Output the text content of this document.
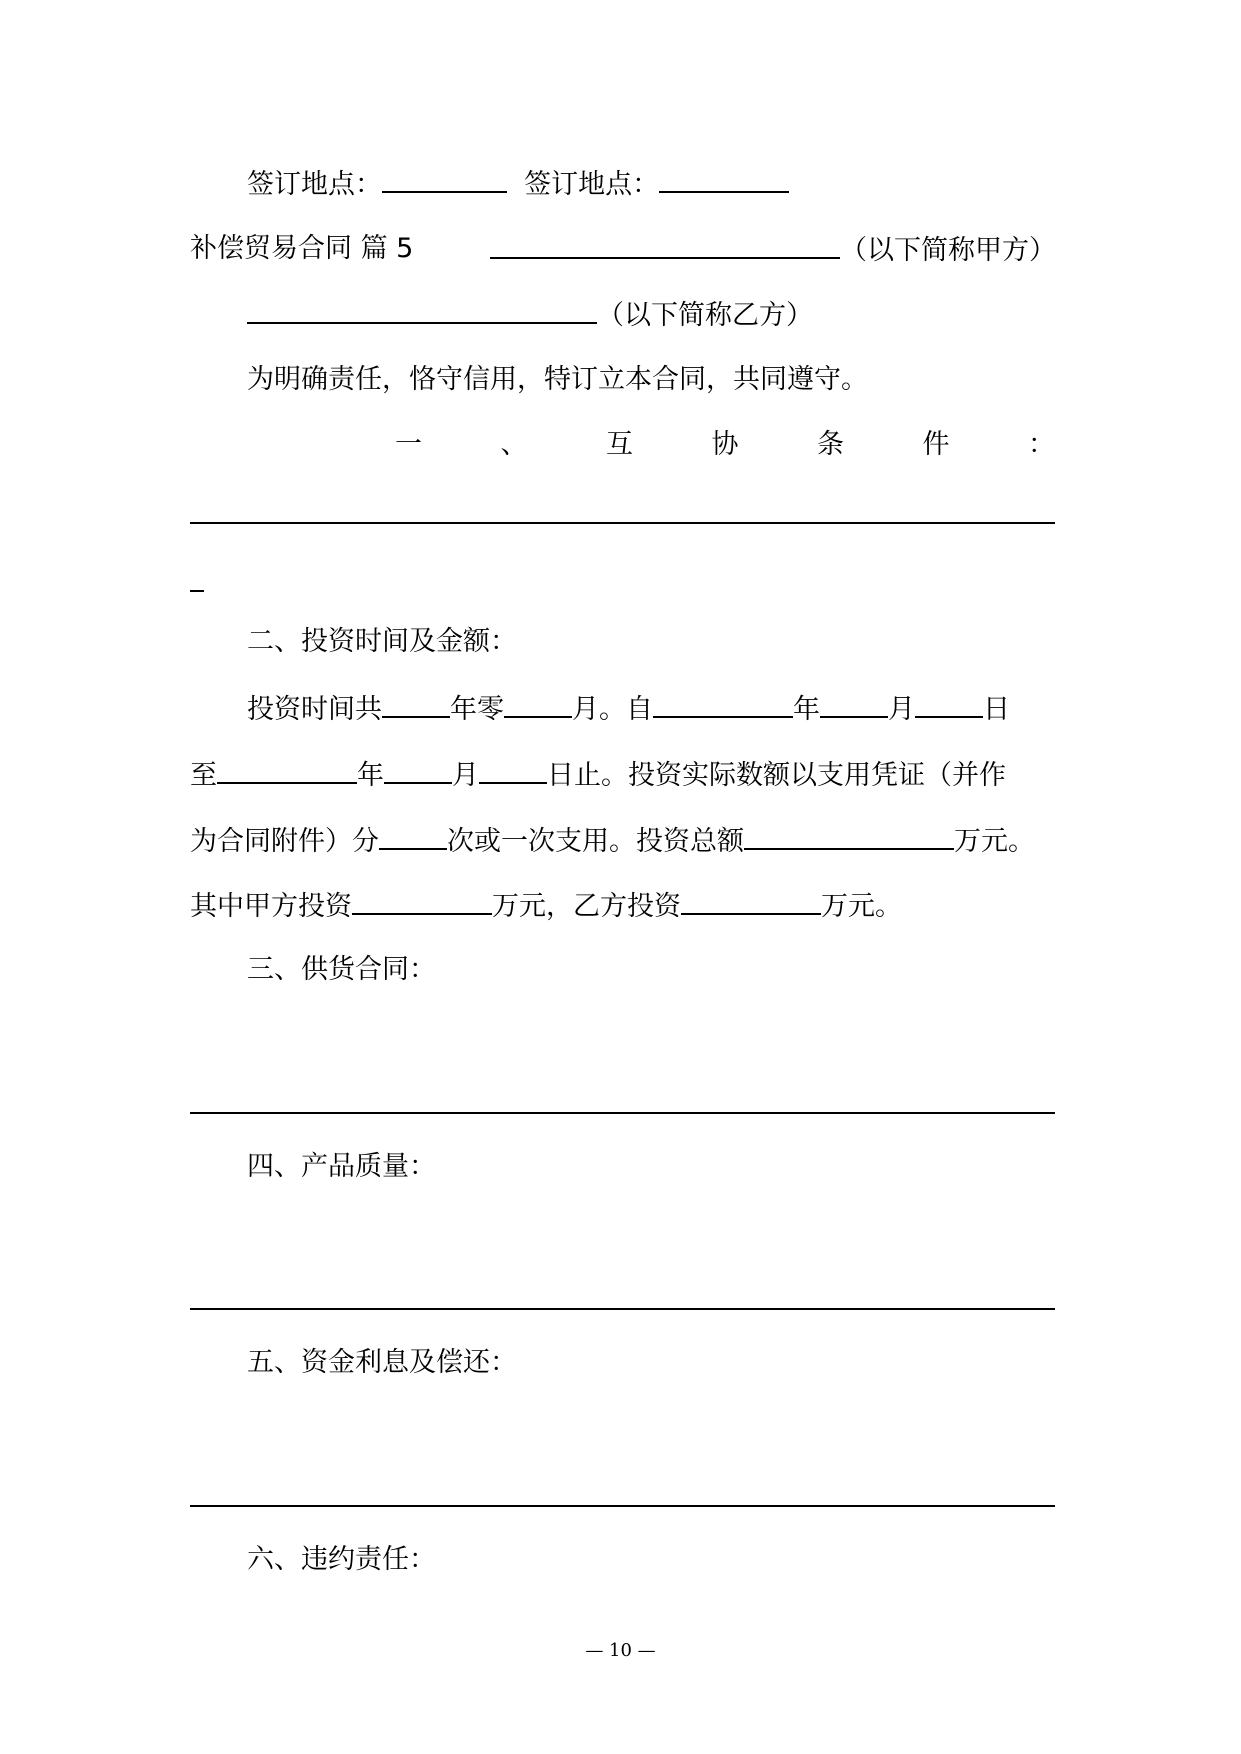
签订地点：	签订地点：
补偿贸易合同 篇 5	（以下简称甲方）
（以下简称乙方）
为明确责任，恪守信用，特订立本合同，共同遵守。
一	、	互	协	条	件	：
二、投资时间及金额：
投资时间共	年零	月。自	年	月	日
至	年	月	日止。投资实际数额以支用凭证（并作
为合同附件）分	次或一次支用。投资总额	万元。
其中甲方投资	万元，乙方投资	万元。
三、供货合同：
四、产品质量：
五、资金利息及偿还：
六、违约责任：
— 10 —
